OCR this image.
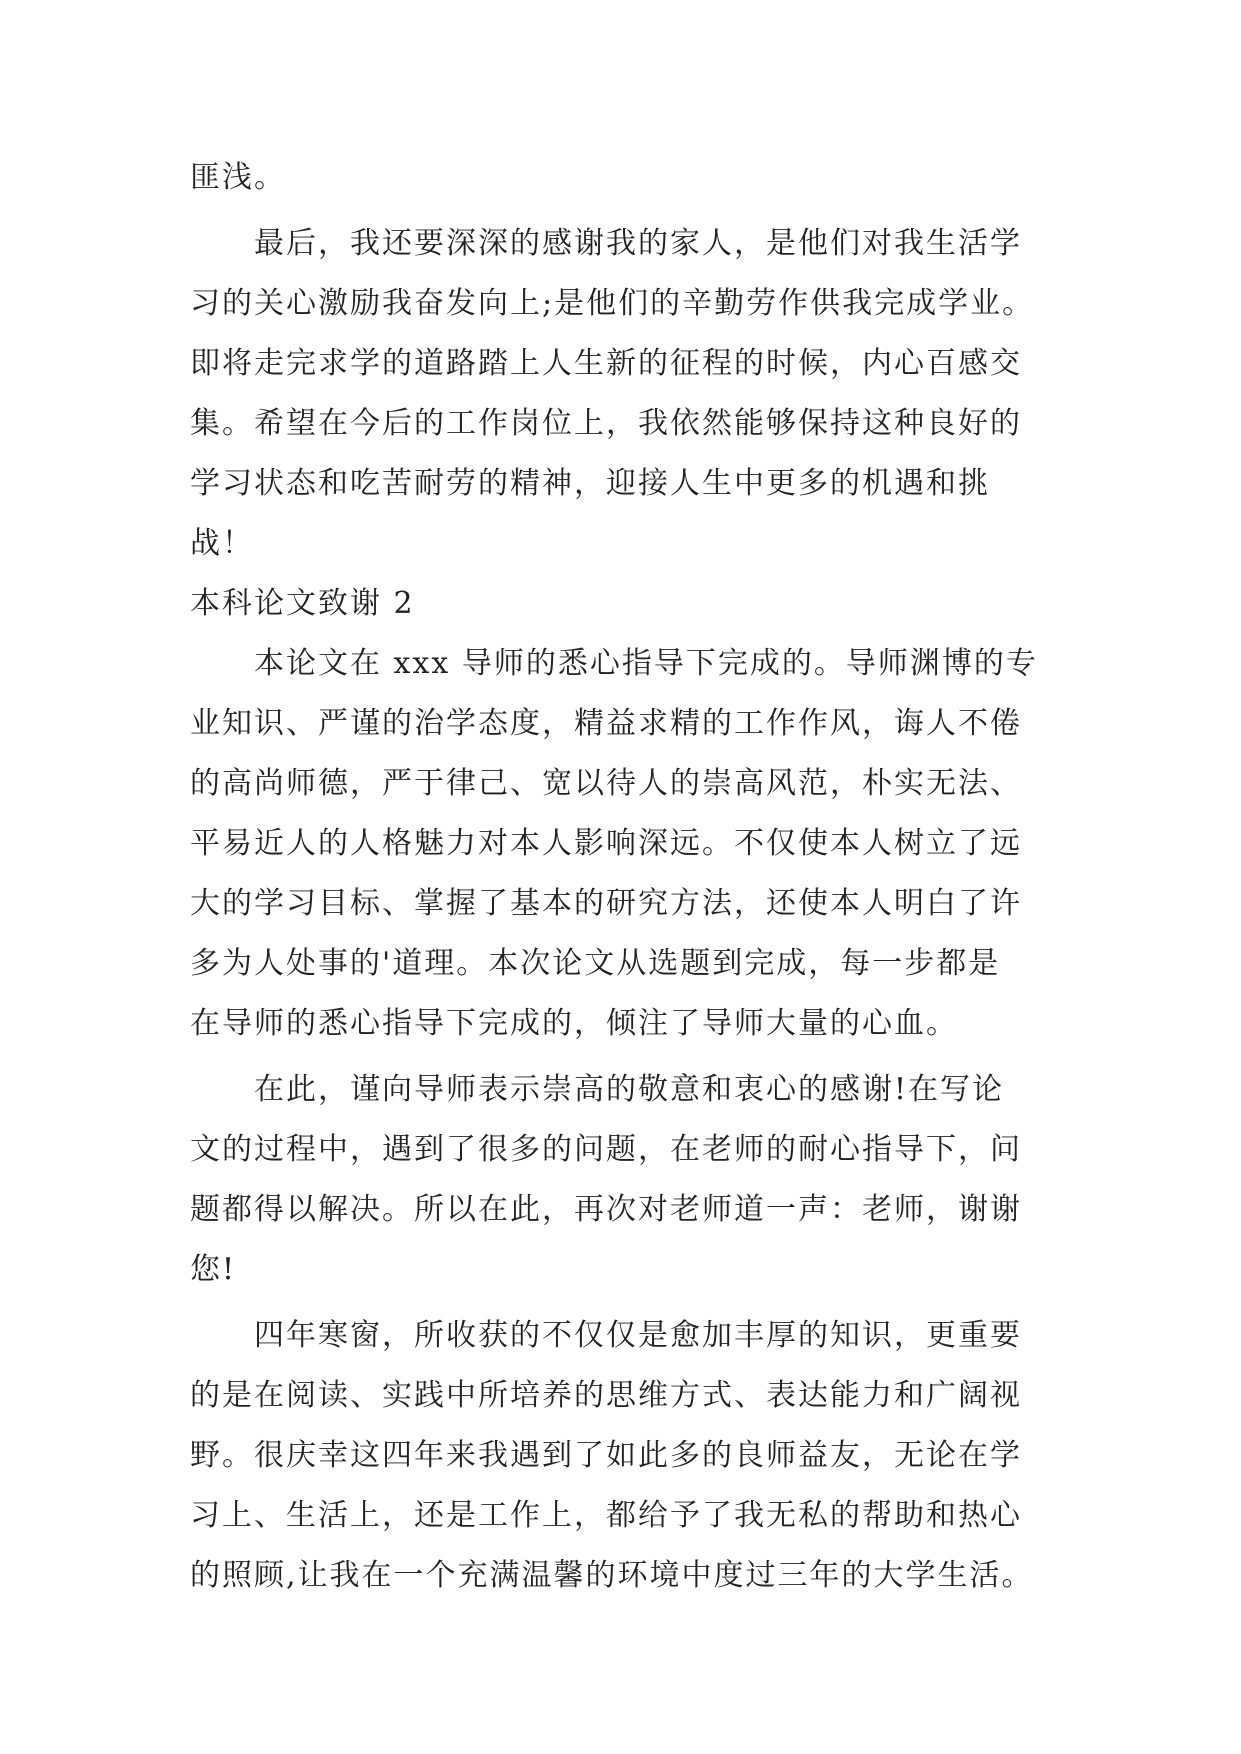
匪浅。
最后，我还要深深的感谢我的家人，是他们对我生活学
习的关心激励我奋发向上;是他们的辛勤劳作供我完成学业。
即将走完求学的道路踏上人生新的征程的时候，内心百感交
集。希望在今后的工作岗位上，我依然能够保持这种良好的
学习状态和吃苦耐劳的精神，迎接人生中更多的机遇和挑
战！
本科论文致谢 2
本论文在 xxx 导师的悉心指导下完成的。导师渊博的专
业知识、严谨的治学态度，精益求精的工作作风，诲人不倦
的高尚师德，严于律己、宽以待人的崇高风范，朴实无法、
平易近人的人格魅力对本人影响深远。不仅使本人树立了远
大的学习目标、掌握了基本的研究方法，还使本人明白了许
多为人处事的'道理。本次论文从选题到完成，每一步都是
在导师的悉心指导下完成的，倾注了导师大量的心血。
在此，谨向导师表示崇高的敬意和衷心的感谢!在写论
文的过程中，遇到了很多的问题，在老师的耐心指导下，问
题都得以解决。所以在此，再次对老师道一声：老师，谢谢
您!
四年寒窗，所收获的不仅仅是愈加丰厚的知识，更重要
的是在阅读、实践中所培养的思维方式、表达能力和广阔视
野。很庆幸这四年来我遇到了如此多的良师益友，无论在学
习上、生活上，还是工作上，都给予了我无私的帮助和热心
的照顾,让我在一个充满温馨的环境中度过三年的大学生活。
